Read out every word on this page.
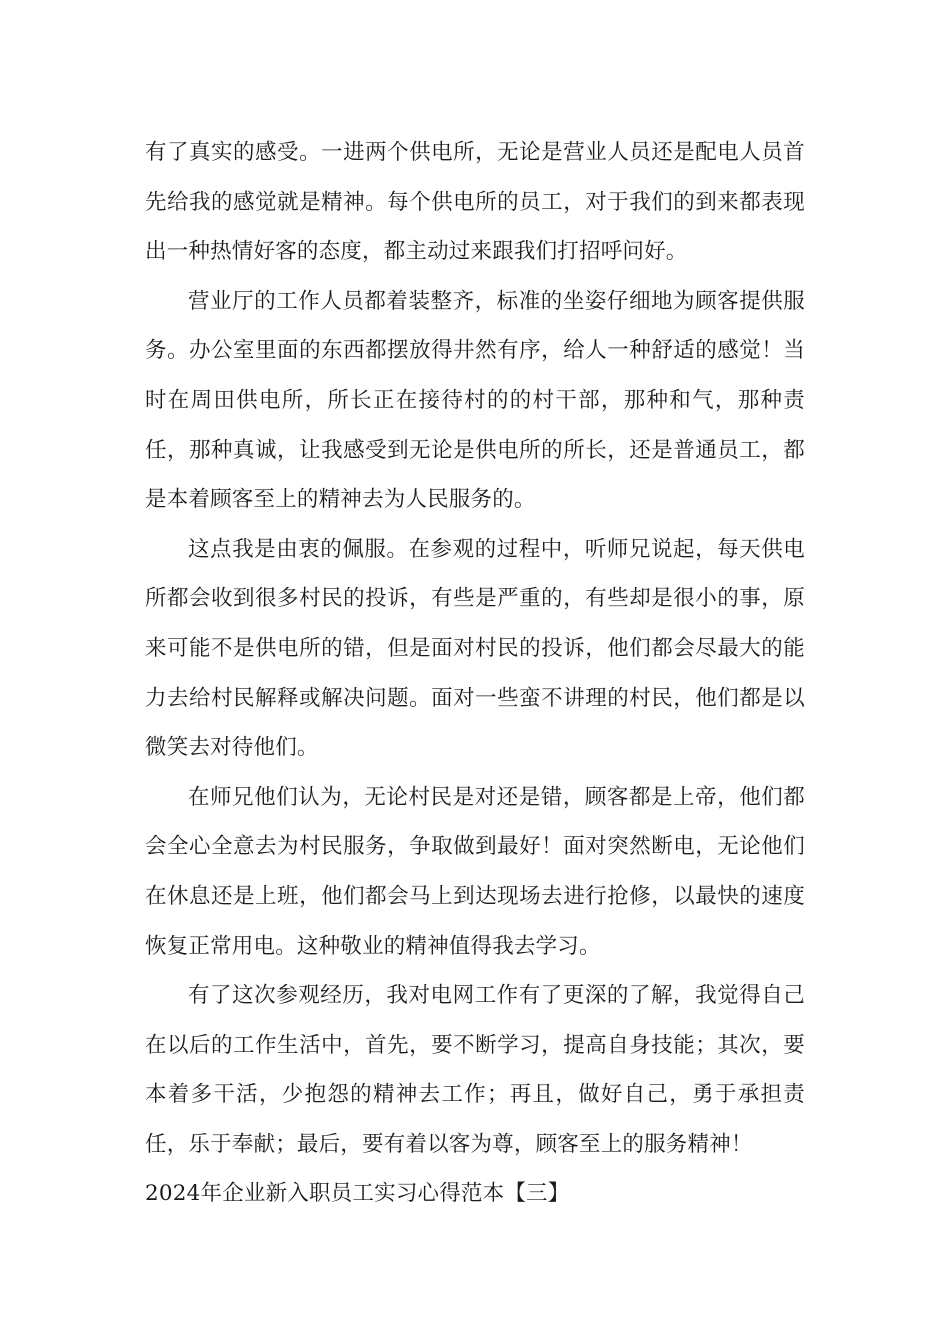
有了真实的感受。一进两个供电所，无论是营业人员还是配电人员首先给我的感觉就是精神。每个供电所的员工，对于我们的到来都表现出一种热情好客的态度，都主动过来跟我们打招呼问好。

营业厅的工作人员都着装整齐，标准的坐姿仔细地为顾客提供服务。办公室里面的东西都摆放得井然有序，给人一种舒适的感觉！当时在周田供电所，所长正在接待村的的村干部，那种和气，那种责任，那种真诚，让我感受到无论是供电所的所长，还是普通员工，都是本着顾客至上的精神去为人民服务的。

这点我是由衷的佩服。在参观的过程中，听师兄说起，每天供电所都会收到很多村民的投诉，有些是严重的，有些却是很小的事，原来可能不是供电所的错，但是面对村民的投诉，他们都会尽最大的能力去给村民解释或解决问题。面对一些蛮不讲理的村民，他们都是以微笑去对待他们。

在师兄他们认为，无论村民是对还是错，顾客都是上帝，他们都会全心全意去为村民服务，争取做到最好！面对突然断电，无论他们在休息还是上班，他们都会马上到达现场去进行抢修，以最快的速度恢复正常用电。这种敬业的精神值得我去学习。

有了这次参观经历，我对电网工作有了更深的了解，我觉得自己在以后的工作生活中，首先，要不断学习，提高自身技能；其次，要本着多干活，少抱怨的精神去工作；再且，做好自己，勇于承担责任，乐于奉献；最后，要有着以客为尊，顾客至上的服务精神！

2024年企业新入职员工实习心得范本【三】
